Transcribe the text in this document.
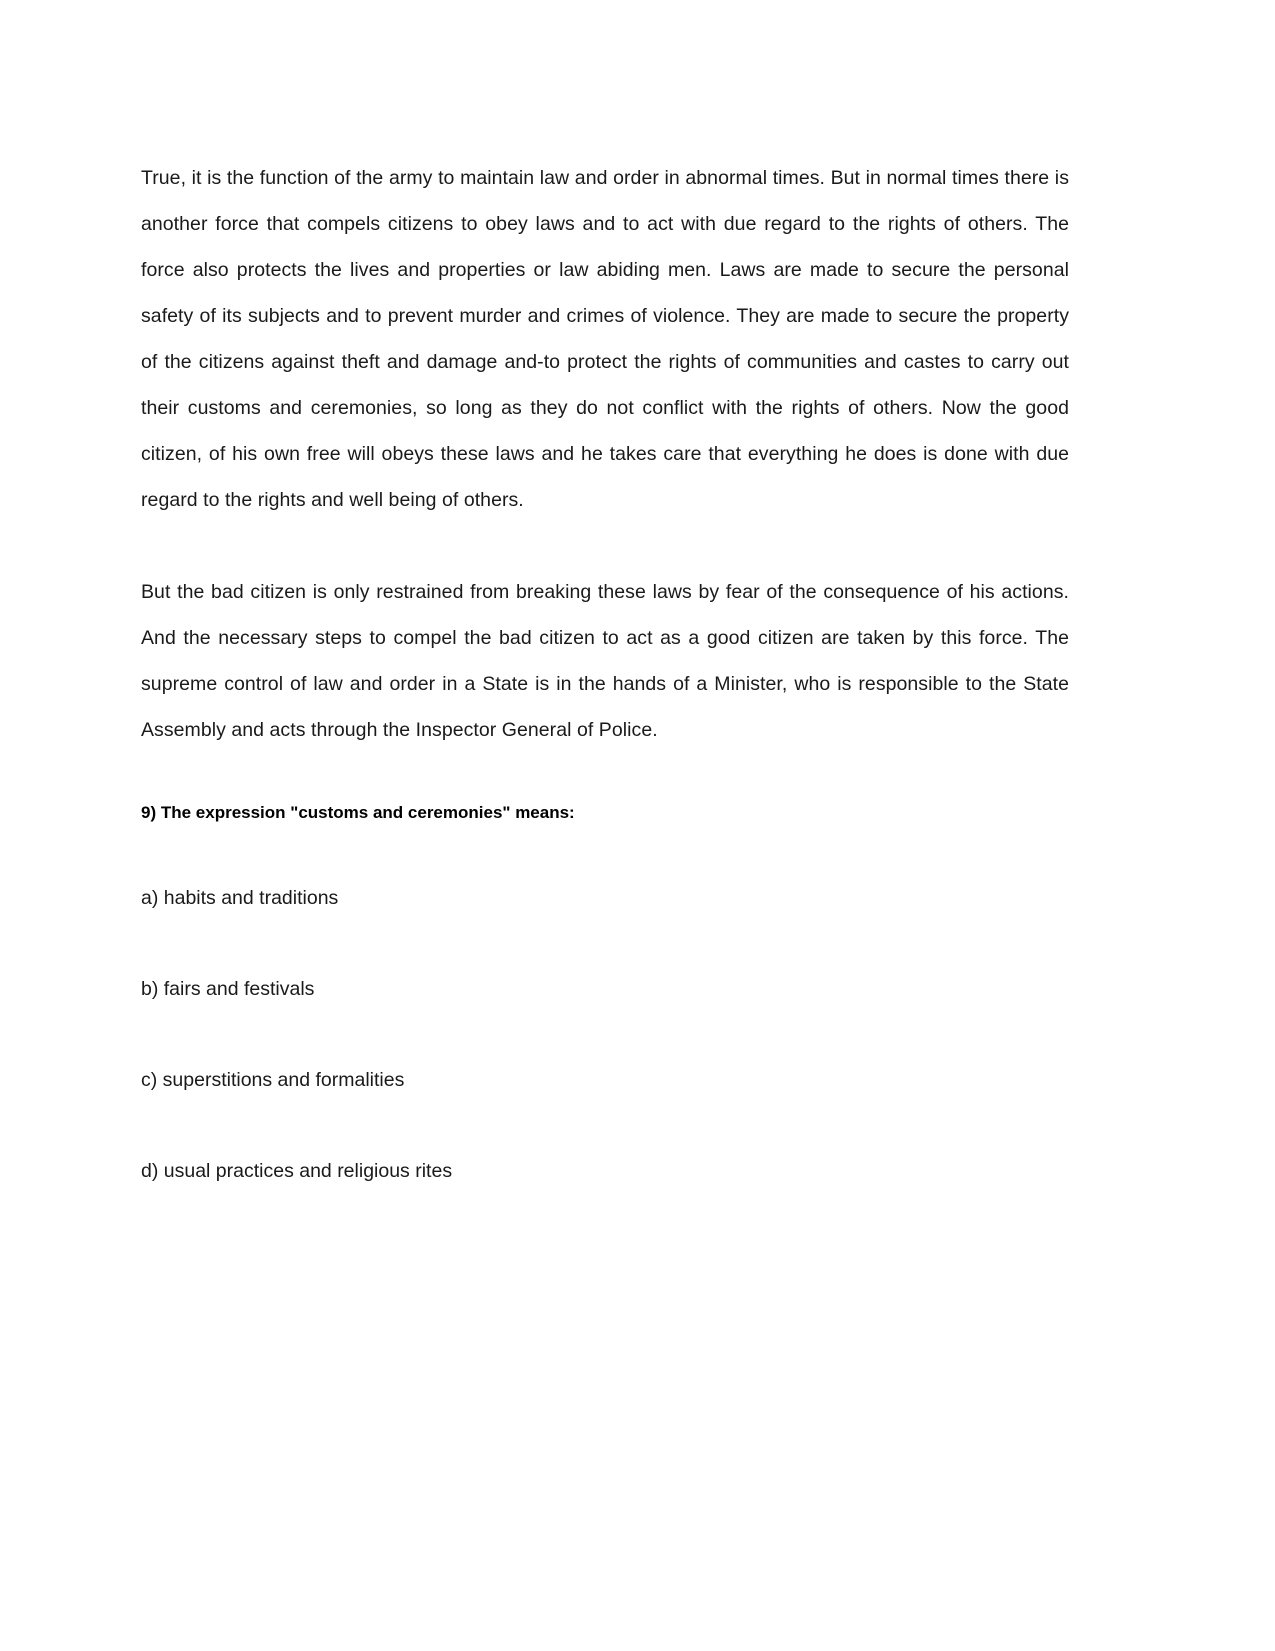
True, it is the function of the army to maintain law and order in abnormal times. But in normal times there is another force that compels citizens to obey laws and to act with due regard to the rights of others. The force also protects the lives and properties or law abiding men. Laws are made to secure the personal safety of its subjects and to prevent murder and crimes of violence. They are made to secure the property of the citizens against theft and damage and-to protect the rights of communities and castes to carry out their customs and ceremonies, so long as they do not conflict with the rights of others. Now the good citizen, of his own free will obeys these laws and he takes care that everything he does is done with due regard to the rights and well being of others.

But the bad citizen is only restrained from breaking these laws by fear of the consequence of his actions. And the necessary steps to compel the bad citizen to act as a good citizen are taken by this force. The supreme control of law and order in a State is in the hands of a Minister, who is responsible to the State Assembly and acts through the Inspector General of Police.

9) The expression "customs and ceremonies" means:

a) habits and traditions
b) fairs and festivals
c) superstitions and formalities
d) usual practices and religious rites
